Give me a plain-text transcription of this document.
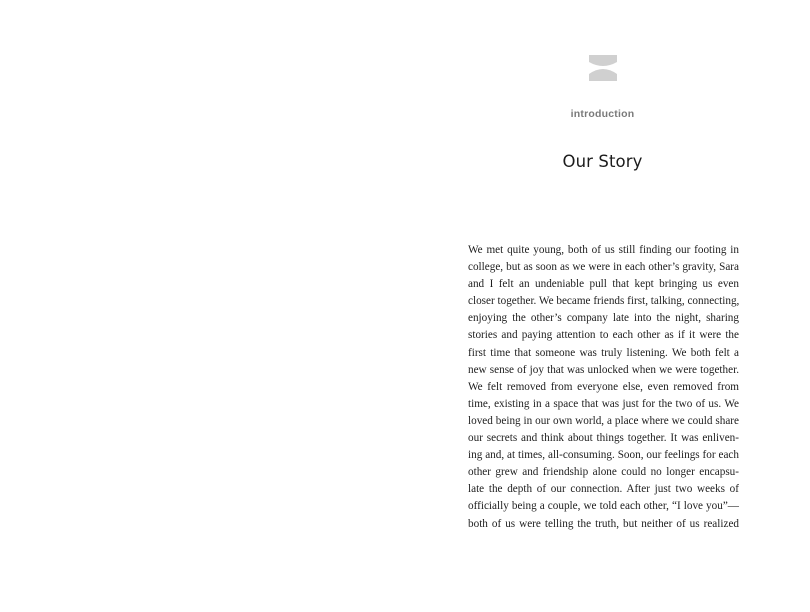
introduction
Our Story
We met quite young, both of us still finding our footing in
college, but as soon as we were in each other’s gravity, Sara
and I felt an undeniable pull that kept bringing us even
closer together. We became friends first, talking, connecting,
enjoying the other’s company late into the night, sharing
stories and paying attention to each other as if it were the
first time that someone was truly listening. We both felt a
new sense of joy that was unlocked when we were together.
We felt removed from everyone else, even removed from
time, existing in a space that was just for the two of us. We
loved being in our own world, a place where we could share
our secrets and think about things together. It was enliven-
ing and, at times, all-consuming. Soon, our feelings for each
other grew and friendship alone could no longer encapsu-
late the depth of our connection. After just two weeks of
officially being a couple, we told each other, “I love you”—
both of us were telling the truth, but neither of us realized
